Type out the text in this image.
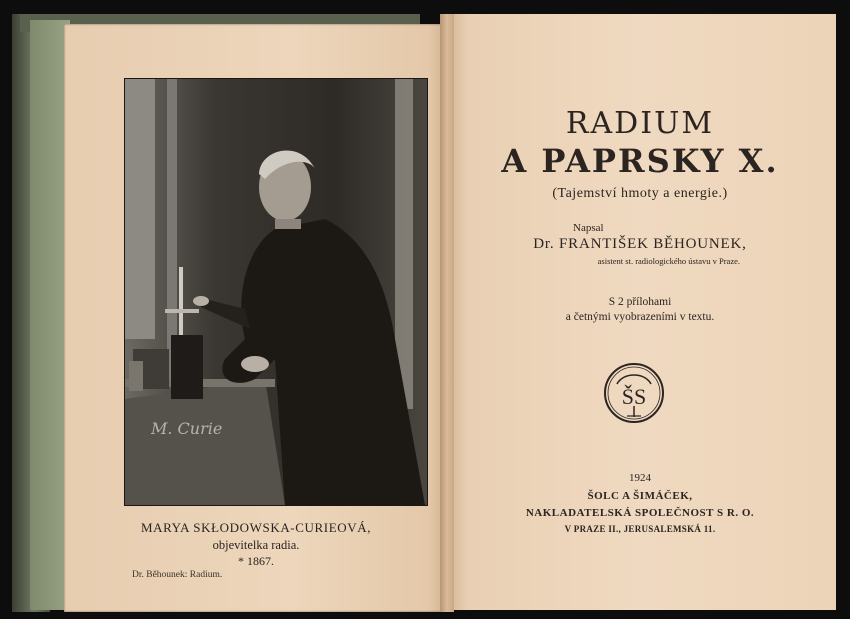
M. Curie
MARYA SKŁODOWSKA-CURIEOVÁ,
objevitelka radia.
* 1867.
Dr. Běhounek: Radium.
RADIUM
A PAPRSKY X.
(Tajemství hmoty a energie.)
Napsal
Dr. FRANTIŠEK BĚHOUNEK,
asistent st. radiologického ústavu v Praze.
S 2 přílohami
a četnými vyobrazeními v textu.
ŠS
1924
ŠOLC A ŠIMÁČEK,
NAKLADATELSKÁ SPOLEČNOST S R. O.
V PRAZE II., JERUSALEMSKÁ 11.
